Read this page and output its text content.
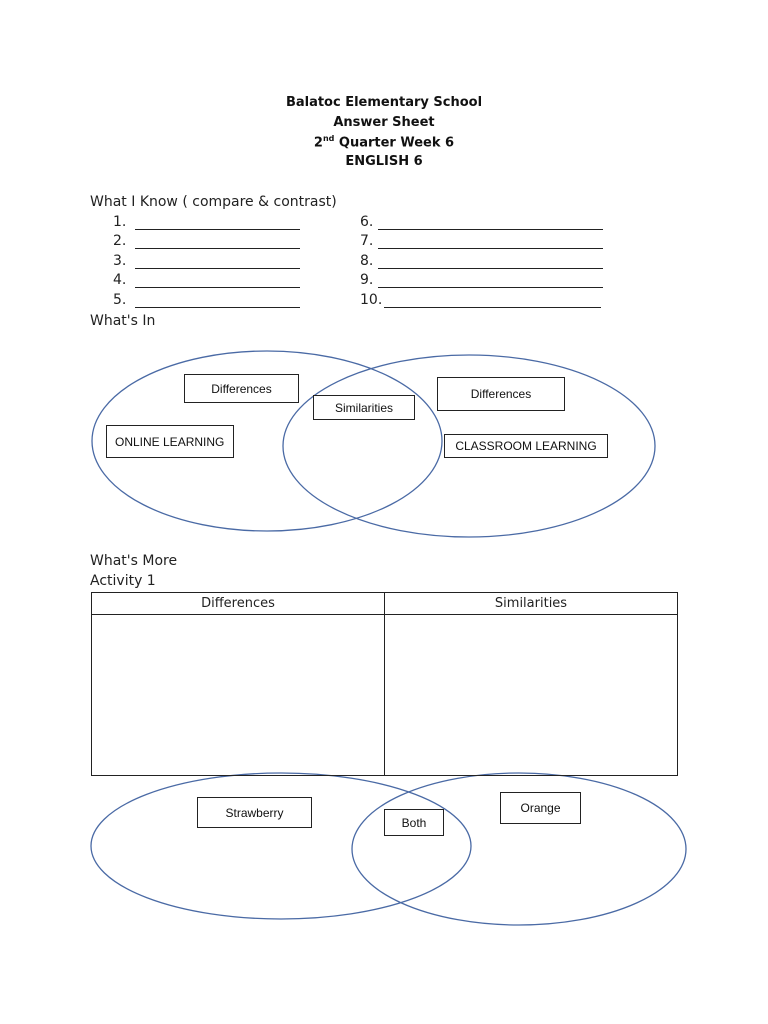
Balatoc Elementary School
Answer Sheet
2nd Quarter Week 6
ENGLISH 6
What I Know ( compare & contrast)
1.
2.
3.
4.
5.
6.
7.
8.
9.
10.
What's In
Differences	Differences
Similarities
ONLINE LEARNING	CLASSROOM LEARNING
What's More
Activity 1
Differences	Similarities

Strawberry	Orange
Both
